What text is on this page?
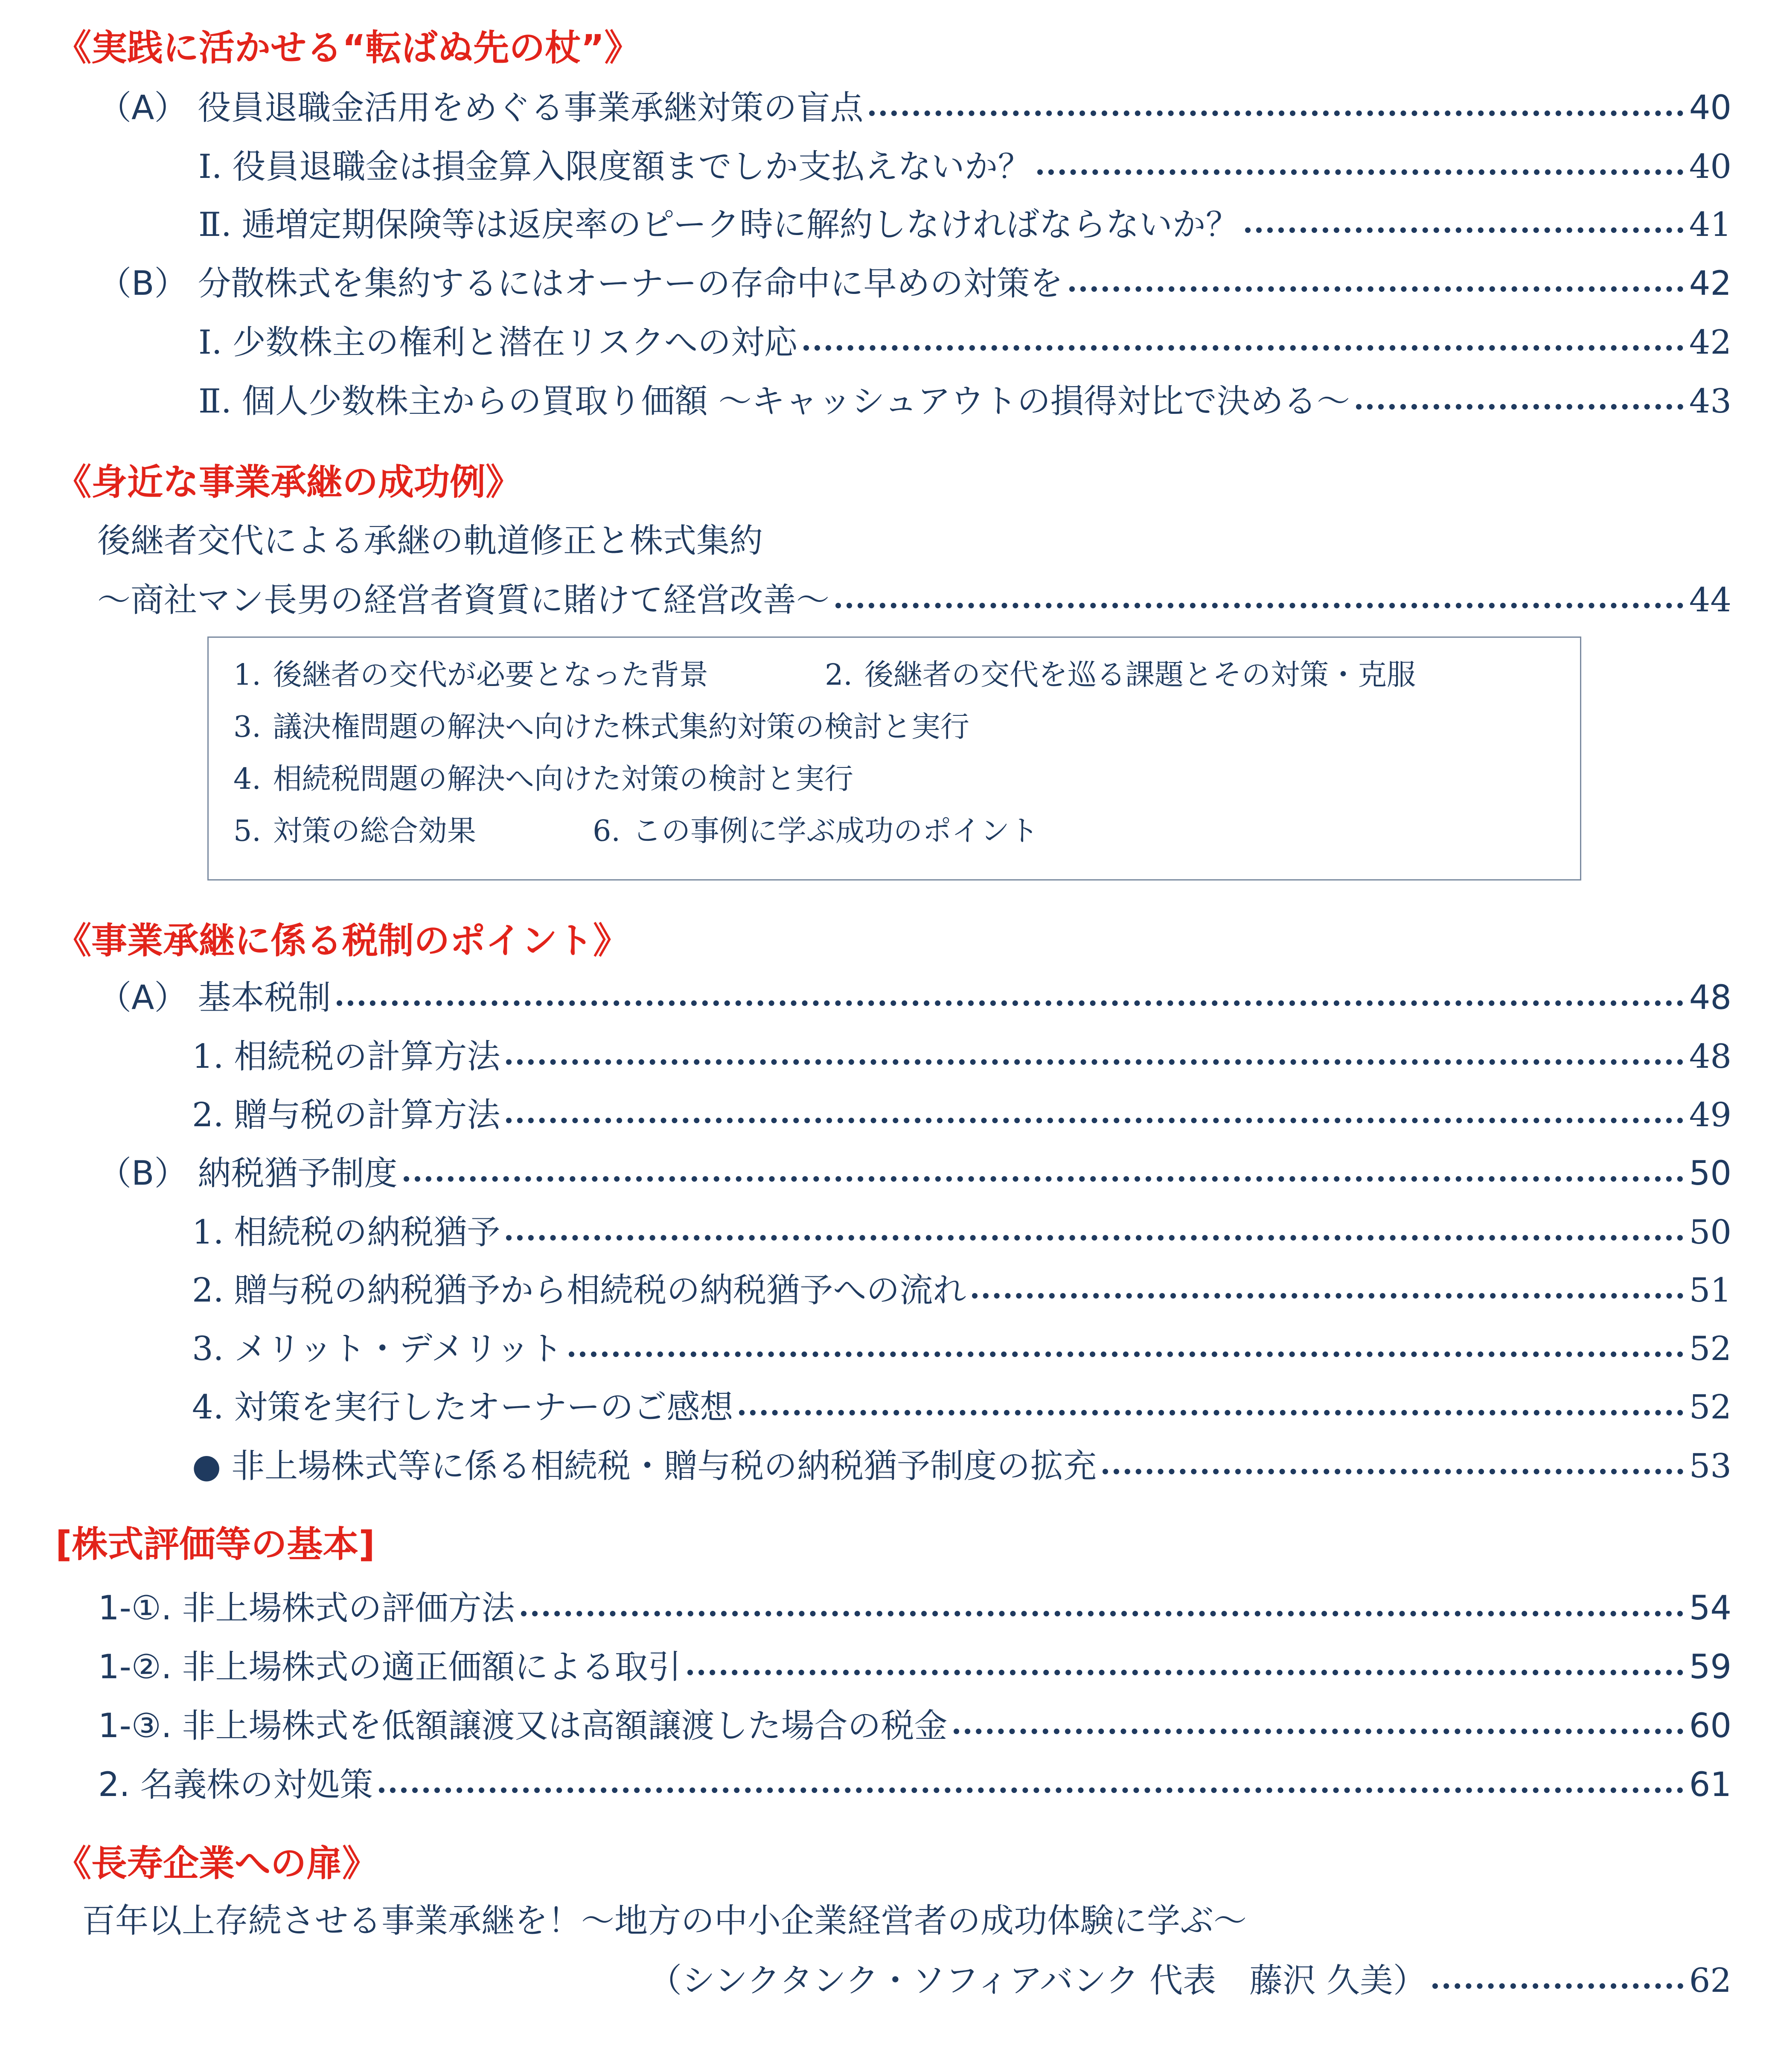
《実践に活かせる“転ばぬ先の杖”》
（A） 役員退職金活用をめぐる事業承継対策の盲点	40
Ⅰ. 役員退職金は損金算入限度額までしか支払えないか？	40
Ⅱ. 逓増定期保険等は返戻率のピーク時に解約しなければならないか？	41
（B） 分散株式を集約するにはオーナーの存命中に早めの対策を	42
Ⅰ. 少数株主の権利と潜在リスクへの対応	42
Ⅱ. 個人少数株主からの買取り価額 ～キャッシュアウトの損得対比で決める～	43
《身近な事業承継の成功例》

後継者交代による承継の軌道修正と株式集約

～商社マン長男の経営者資質に賭けて経営改善～	44
1. 後継者の交代が必要となった背景	2. 後継者の交代を巡る課題とその対策・克服
3. 議決権問題の解決へ向けた株式集約対策の検討と実行
4. 相続税問題の解決へ向けた対策の検討と実行
5. 対策の総合効果	6. この事例に学ぶ成功のポイント
《事業承継に係る税制のポイント》
（A） 基本税制	48
1. 相続税の計算方法	48
2. 贈与税の計算方法	49
（B） 納税猶予制度	50
1. 相続税の納税猶予	50
2. 贈与税の納税猶予から相続税の納税猶予への流れ	51
3. メリット・デメリット	52
4. 対策を実行したオーナーのご感想	52
● 非上場株式等に係る相続税・贈与税の納税猶予制度の拡充	53
[株式評価等の基本]
1-①. 非上場株式の評価方法	54
1-②. 非上場株式の適正価額による取引	59
1-③. 非上場株式を低額譲渡又は高額譲渡した場合の税金	60
2. 名義株の対処策	61
《長寿企業への扉》

百年以上存続させる事業承継を！～地方の中小企業経営者の成功体験に学ぶ～

（シンクタンク・ソフィアバンク 代表　藤沢 久美）	62
